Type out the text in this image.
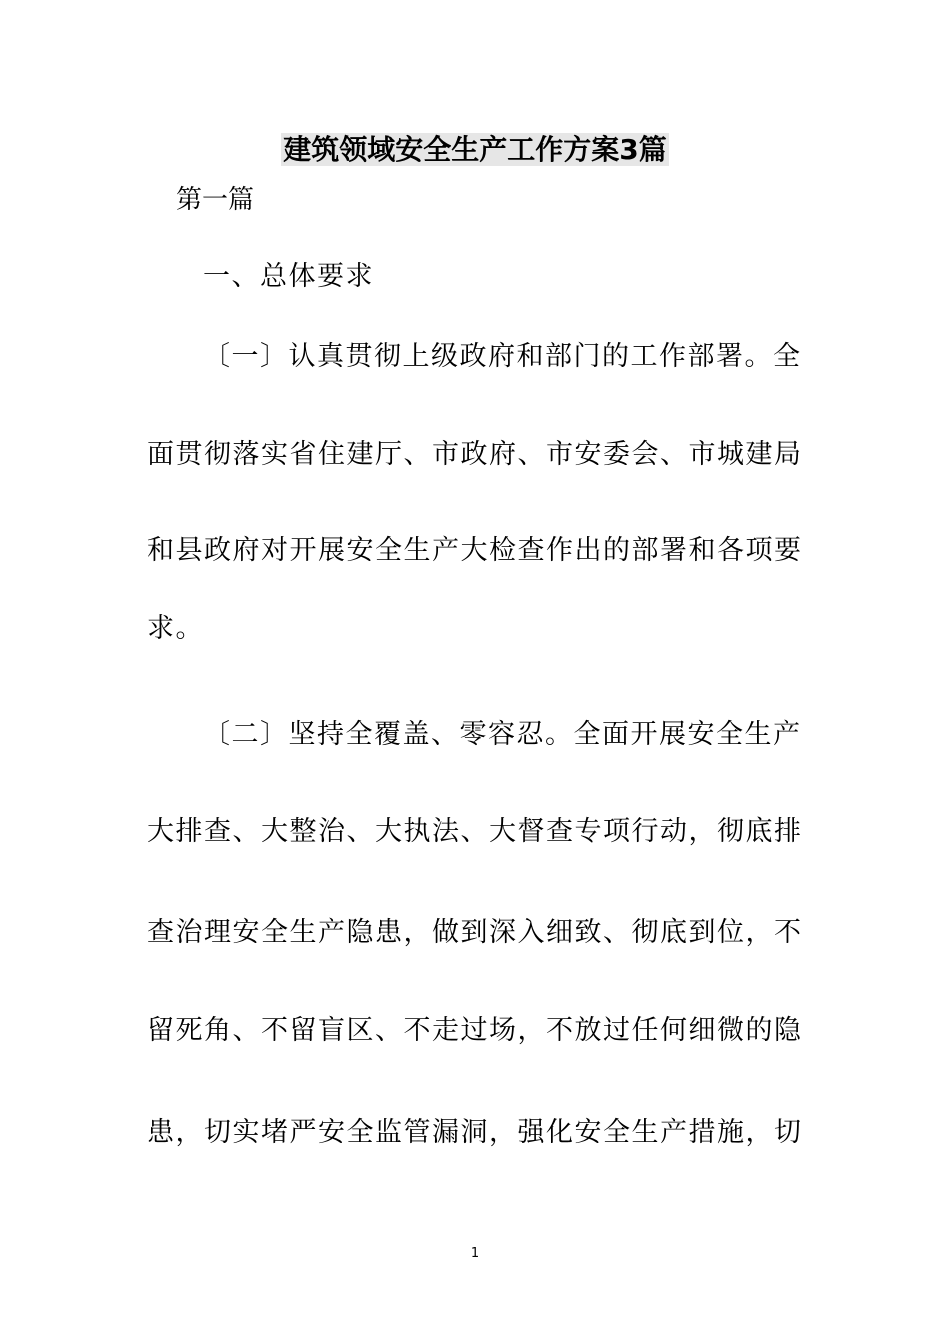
建筑领域安全生产工作方案3篇
第一篇
一、总体要求
〔一〕认真贯彻上级政府和部门的工作部署。全
面贯彻落实省住建厅、市政府、市安委会、市城建局
和县政府对开展安全生产大检查作出的部署和各项要
求。
〔二〕坚持全覆盖、零容忍。全面开展安全生产
大排查、大整治、大执法、大督查专项行动，彻底排
查治理安全生产隐患，做到深入细致、彻底到位，不
留死角、不留盲区、不走过场，不放过任何细微的隐
患，切实堵严安全监管漏洞，强化安全生产措施，切
1
